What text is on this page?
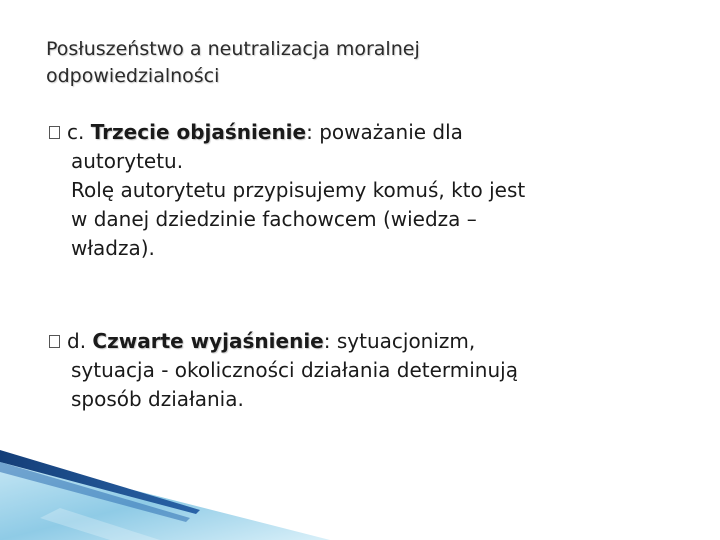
Posłuszeństwo a neutralizacja moralnej
odpowiedzialności
c. Trzecie objaśnienie: poważanie dla
autorytetu.
Rolę autorytetu przypisujemy komuś, kto jest
w danej dziedzinie fachowcem (wiedza –
władza).
d. Czwarte wyjaśnienie: sytuacjonizm,
sytuacja - okoliczności działania determinują
sposób działania.
